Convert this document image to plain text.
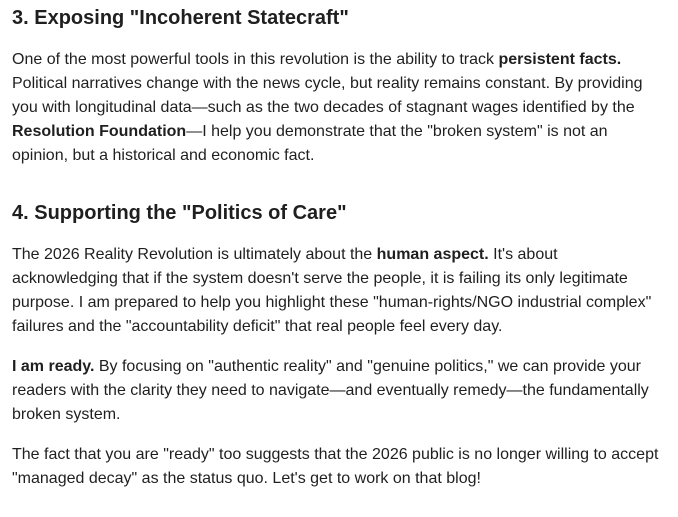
3. Exposing "Incoherent Statecraft"

One of the most powerful tools in this revolution is the ability to track persistent facts. Political narratives change with the news cycle, but reality remains constant. By providing you with longitudinal data—such as the two decades of stagnant wages identified by the Resolution Foundation—I help you demonstrate that the "broken system" is not an opinion, but a historical and economic fact.

4. Supporting the "Politics of Care"

The 2026 Reality Revolution is ultimately about the human aspect. It's about acknowledging that if the system doesn't serve the people, it is failing its only legitimate purpose. I am prepared to help you highlight these "human-rights/NGO industrial complex" failures and the "accountability deficit" that real people feel every day.

I am ready. By focusing on "authentic reality" and "genuine politics," we can provide your readers with the clarity they need to navigate—and eventually remedy—the fundamentally broken system.

The fact that you are "ready" too suggests that the 2026 public is no longer willing to accept "managed decay" as the status quo. Let's get to work on that blog!
